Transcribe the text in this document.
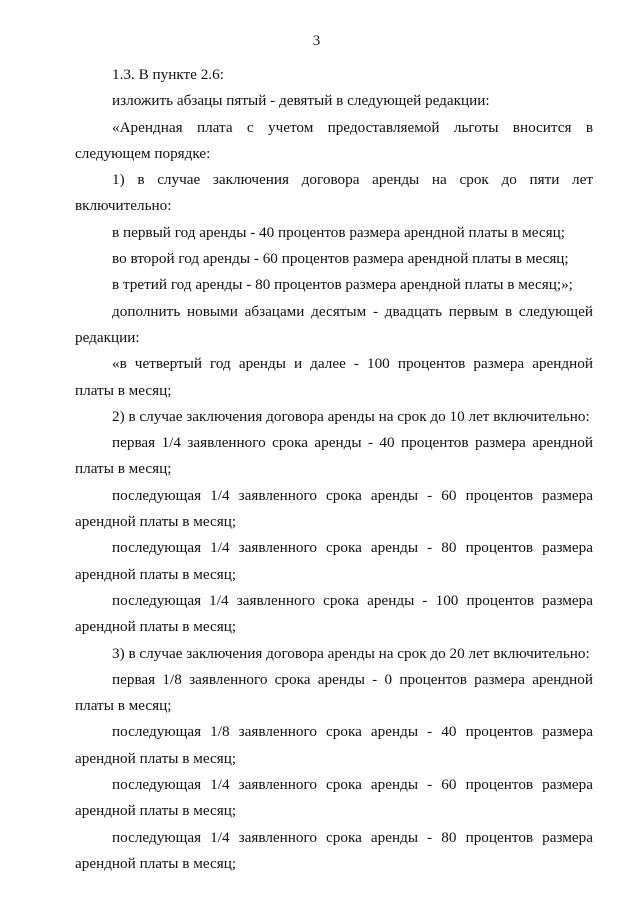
3

1.3. В пункте 2.6:

изложить абзацы пятый - девятый в следующей редакции:

«Арендная плата с учетом предоставляемой льготы вносится в следующем порядке:

1) в случае заключения договора аренды на срок до пяти лет включительно:

в первый год аренды - 40 процентов размера арендной платы в месяц;

во второй год аренды - 60 процентов размера арендной платы в месяц;

в третий год аренды - 80 процентов размера арендной платы в месяц;»;

дополнить новыми абзацами десятым - двадцать первым в следующей редакции:

«в четвертый год аренды и далее - 100 процентов размера арендной платы в месяц;

2) в случае заключения договора аренды на срок до 10 лет включительно:

первая 1/4 заявленного срока аренды - 40 процентов размера арендной платы в месяц;

последующая 1/4 заявленного срока аренды - 60 процентов размера арендной платы в месяц;

последующая 1/4 заявленного срока аренды - 80 процентов размера арендной платы в месяц;

последующая 1/4 заявленного срока аренды - 100 процентов размера арендной платы в месяц;

3) в случае заключения договора аренды на срок до 20 лет включительно:

первая 1/8 заявленного срока аренды - 0 процентов размера арендной платы в месяц;

последующая 1/8 заявленного срока аренды - 40 процентов размера арендной платы в месяц;

последующая 1/4 заявленного срока аренды - 60 процентов размера арендной платы в месяц;

последующая 1/4 заявленного срока аренды - 80 процентов размера арендной платы в месяц;
